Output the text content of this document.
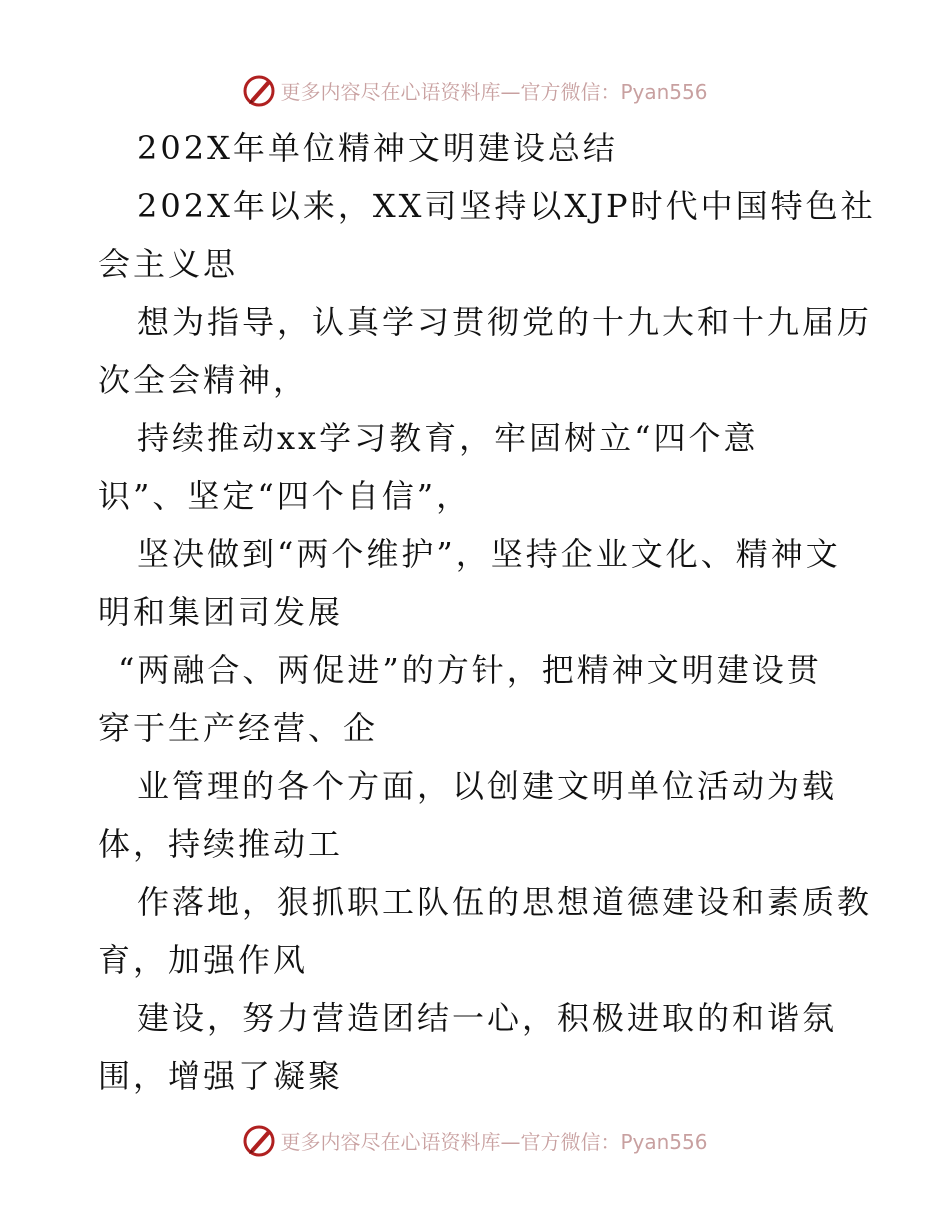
更多内容尽在心语资料库—官方微信：Pyan556
202X年单位精神文明建设总结
202X年以来，XX司坚持以XJP时代中国特色社
会主义思
想为指导，认真学习贯彻党的十九大和十九届历
次全会精神，
持续推动xx学习教育，牢固树立“四个意
识”、坚定“四个自信”，
坚决做到“两个维护”，坚持企业文化、精神文
明和集团司发展
“两融合、两促进”的方针，把精神文明建设贯
穿于生产经营、企
业管理的各个方面，以创建文明单位活动为载
体，持续推动工
作落地，狠抓职工队伍的思想道德建设和素质教
育，加强作风
建设，努力营造团结一心，积极进取的和谐氛
围，增强了凝聚
更多内容尽在心语资料库—官方微信：Pyan556
